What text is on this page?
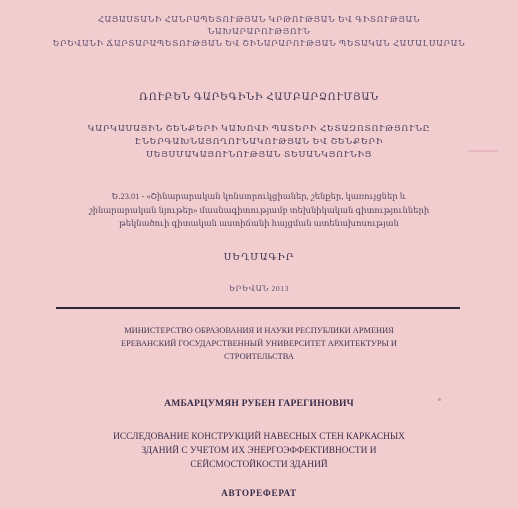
ՀԱՅԱՍՏԱՆԻ ՀԱՆՐԱՊԵՏՈՒԹՅԱՆ ԿՐԹՈՒԹՅԱՆ ԵՎ ԳԻՏՈՒԹՅԱՆ
ՆԱԽԱՐԱՐՈՒԹՅՈՒՆ
ԵՐԵՎԱՆԻ ՃԱՐՏԱՐԱՊԵՏՈՒԹՅԱՆ ԵՎ ՇԻՆԱՐԱՐՈՒԹՅԱՆ ՊԵՏԱԿԱՆ ՀԱՄԱԼՍԱՐԱՆ
ՌՈՒԲԵՆ ԳԱՐԵԳԻՆԻ ՀԱՄԲԱՐՁՈՒՄՅԱՆ
ԿԱՐԿԱՍԱՅԻՆ ՇԵՆՔԵՐԻ ԿԱԽՈՎԻ ՊԱՏԵՐԻ ՀԵՏԱԶՈՏՈՒԹՅՈՒՆԸ
ԷՆԵՐԳԱԽՆԱՅՈՂՈՒՆԱԿՈՒԹՅԱՆ ԵՎ ՇԵՆՔԵՐԻ
ՍԵՅՍՄԱԿԱՅՈՒՆՈՒԹՅԱՆ ՏԵՍԱՆԿՅՈՒՆԻՑ
Ե.23.01 - «Շինարարական կոնստրուկցիաներ, շենքեր, կառույցներ և
շինարարական նյութեր» մասնագիտությամբ տեխնիկական գիտությունների
թեկնածուի գիտական աստիճանի հայցման ատենախոսության
ՍԵՂՄԱԳԻՐ
ԵՐԵՎԱՆ 2013
МИНИСТЕРСТВО ОБРАЗОВАНИЯ И НАУКИ РЕСПУБЛИКИ АРМЕНИЯ
ЕРЕВАНСКИЙ ГОСУДАРСТВЕННЫЙ УНИВЕРСИТЕТ АРХИТЕКТУРЫ И
СТРОИТЕЛЬСТВА
АМБАРЦУМЯН РУБЕН ГАРЕГИНОВИЧ
ИССЛЕДОВАНИЕ КОНСТРУКЦИЙ НАВЕСНЫХ СТЕН КАРКАСНЫХ
ЗДАНИЙ С УЧЕТОМ ИХ ЭНЕРГОЭФФЕКТИВНОСТИ И
СЕЙСМОСТОЙКОСТИ ЗДАНИЙ
АВТОРЕФЕРАТ
